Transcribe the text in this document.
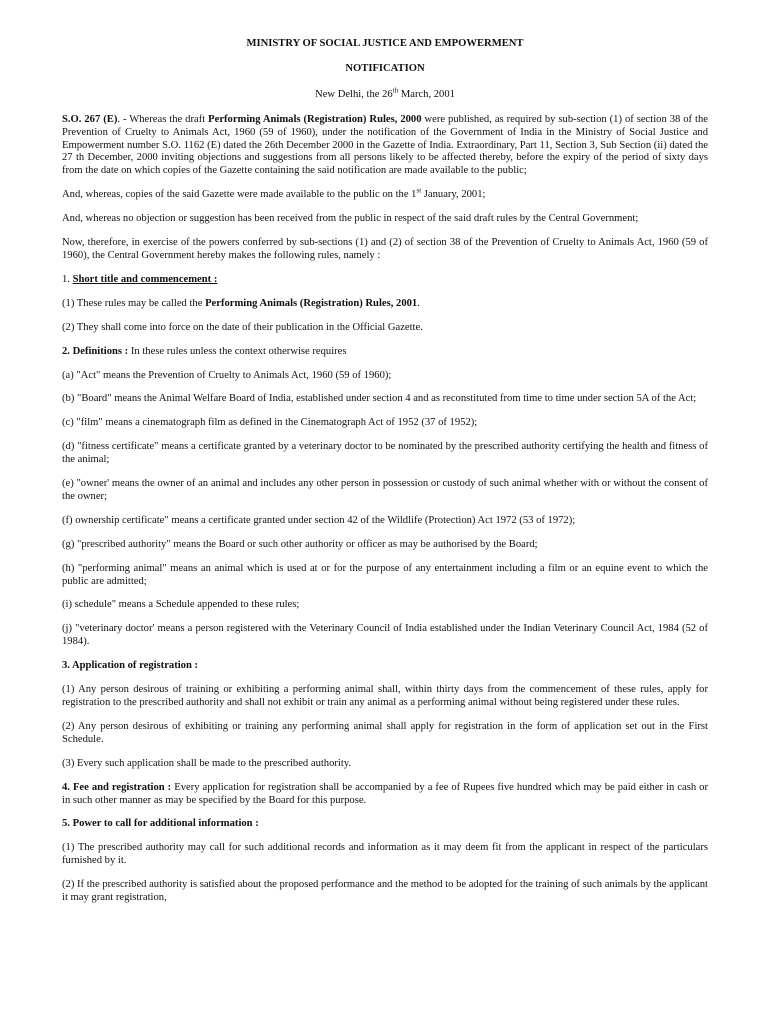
MINISTRY OF SOCIAL JUSTICE AND EMPOWERMENT
NOTIFICATION
New Delhi, the 26th March, 2001

S.O. 267 (E). - Whereas the draft Performing Animals (Registration) Rules, 2000 were published, as required by sub-section (1) of section 38 of the Prevention of Cruelty to Animals Act, 1960 (59 of 1960), under the notification of the Government of India in the Ministry of Social Justice and Empowerment number S.O. 1162 (E) dated the 26th December 2000 in the Gazette of India. Extraordinary, Part 11, Section 3, Sub Section (ii) dated the 27 th December, 2000 inviting objections and suggestions from all persons likely to be affected thereby, before the expiry of the period of sixty days from the date on which copies of the Gazette containing the said notification are made available to the public;

And, whereas, copies of the said Gazette were made available to the public on the 1st January, 2001;

And, whereas no objection or suggestion has been received from the public in respect of the said draft rules by the Central Government;

Now, therefore, in exercise of the powers conferred by sub-sections (1) and (2) of section 38 of the Prevention of Cruelty to Animals Act, 1960 (59 of 1960), the Central Government hereby makes the following rules, namely :

1. Short title and commencement :

(1) These rules may be called the Performing Animals (Registration) Rules, 2001.

(2) They shall come into force on the date of their publication in the Official Gazette.

2. Definitions : In these rules unless the context otherwise requires

(a) "Act" means the Prevention of Cruelty to Animals Act, 1960 (59 of 1960);

(b) "Board" means the Animal Welfare Board of India, established under section 4 and as reconstituted from time to time under section 5A of the Act;

(c) "film" means a cinematograph film as defined in the Cinematograph Act of 1952 (37 of 1952);

(d) "fitness certificate" means a certificate granted by a veterinary doctor to be nominated by the prescribed authority certifying the health and fitness of the animal;

(e) "owner' means the owner of an animal and includes any other person in possession or custody of such animal whether with or without the consent of the owner;

(f) ownership certificate" means a certificate granted under section 42 of the Wildlife (Protection) Act 1972 (53 of 1972);

(g) "prescribed authority" means the Board or such other authority or officer as may be authorised by the Board;

(h) "performing animal" means an animal which is used at or for the purpose of any entertainment including a film or an equine event to which the public are admitted;

(i) schedule" means a Schedule appended to these rules;

(j) "veterinary doctor' means a person registered with the Veterinary Council of India established under the Indian Veterinary Council Act, 1984 (52 of 1984).

3. Application of registration :

(1) Any person desirous of training or exhibiting a performing animal shall, within thirty days from the commencement of these rules, apply for registration to the prescribed authority and shall not exhibit or train any animal as a performing animal without being registered under these rules.

(2) Any person desirous of exhibiting or training any performing animal shall apply for registration in the form of application set out in the First Schedule.

(3) Every such application shall be made to the prescribed authority.

4. Fee and registration : Every application for registration shall be accompanied by a fee of Rupees five hundred which may be paid either in cash or in such other manner as may be specified by the Board for this purpose.

5. Power to call for additional information :

(1) The prescribed authority may call for such additional records and information as it may deem fit from the applicant in respect of the particulars furnished by it.

(2) If the prescribed authority is satisfied about the proposed performance and the method to be adopted for the training of such animals by the applicant it may grant registration,
